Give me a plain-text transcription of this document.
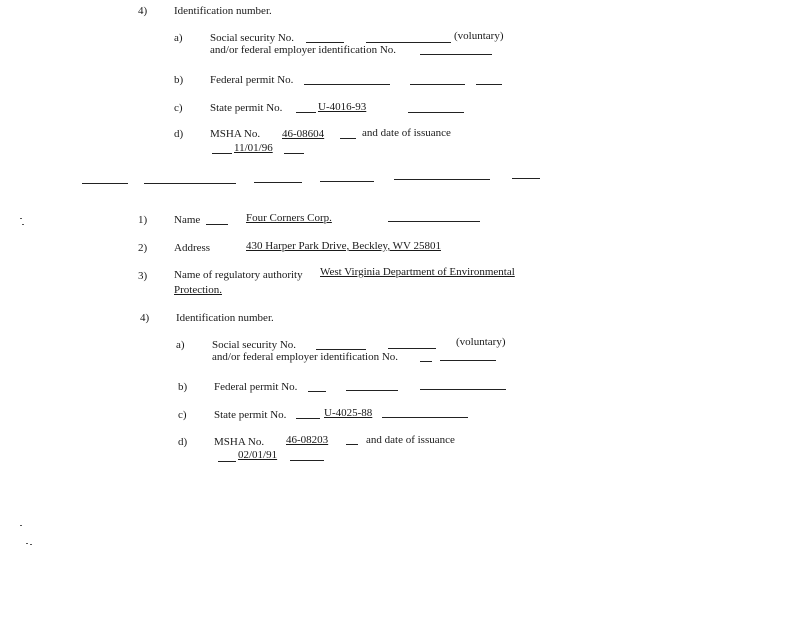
4) Identification number.
a) Social security No.	(voluntary)
and/or federal employer identification No.
b) Federal permit No.
c) State permit No.	U-4016-93
d) MSHA No. 46-08604	and date of issuance
11/01/96
1) Name	Four Corners Corp.
2) Address	430 Harper Park Drive, Beckley, WV 25801
3) Name of regulatory authority West Virginia Department of Environmental
Protection.
4) Identification number.
a) Social security No.	(voluntary)
and/or federal employer identification No.
b) Federal permit No.
c) State permit No.	U-4025-88
d) MSHA No. 46-08203	and date of issuance
02/01/91
